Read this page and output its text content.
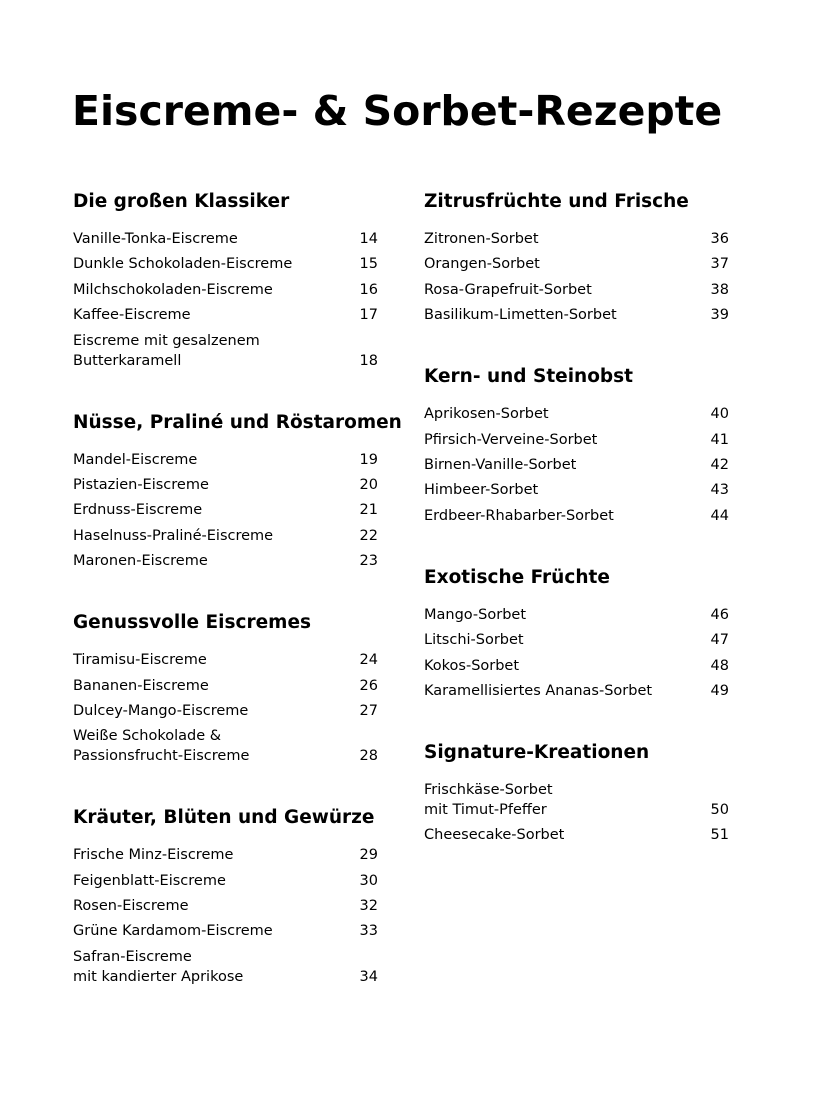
Eiscreme- & Sorbet-Rezepte
Die großen Klassiker
Vanille-Tonka-Eiscreme	14
Dunkle Schokoladen-Eiscreme	15
Milchschokoladen-Eiscreme	16
Kaffee-Eiscreme	17
Eiscreme mit gesalzenem
Butterkaramell	18
Nüsse, Praliné und Röstaromen
Mandel-Eiscreme	19
Pistazien-Eiscreme	20
Erdnuss-Eiscreme	21
Haselnuss-Praliné-Eiscreme	22
Maronen-Eiscreme	23
Genussvolle Eiscremes
Tiramisu-Eiscreme	24
Bananen-Eiscreme	26
Dulcey-Mango-Eiscreme	27
Weiße Schokolade &
Passionsfrucht-Eiscreme	28
Kräuter, Blüten und Gewürze
Frische Minz-Eiscreme	29
Feigenblatt-Eiscreme	30
Rosen-Eiscreme	32
Grüne Kardamom-Eiscreme	33
Safran-Eiscreme
mit kandierter Aprikose	34
Zitrusfrüchte und Frische
Zitronen-Sorbet	36
Orangen-Sorbet	37
Rosa-Grapefruit-Sorbet	38
Basilikum-Limetten-Sorbet	39
Kern- und Steinobst
Aprikosen-Sorbet	40
Pfirsich-Verveine-Sorbet	41
Birnen-Vanille-Sorbet	42
Himbeer-Sorbet	43
Erdbeer-Rhabarber-Sorbet	44
Exotische Früchte
Mango-Sorbet	46
Litschi-Sorbet	47
Kokos-Sorbet	48
Karamellisiertes Ananas-Sorbet	49
Signature-Kreationen
Frischkäse-Sorbet
mit Timut-Pfeffer	50
Cheesecake-Sorbet	51
